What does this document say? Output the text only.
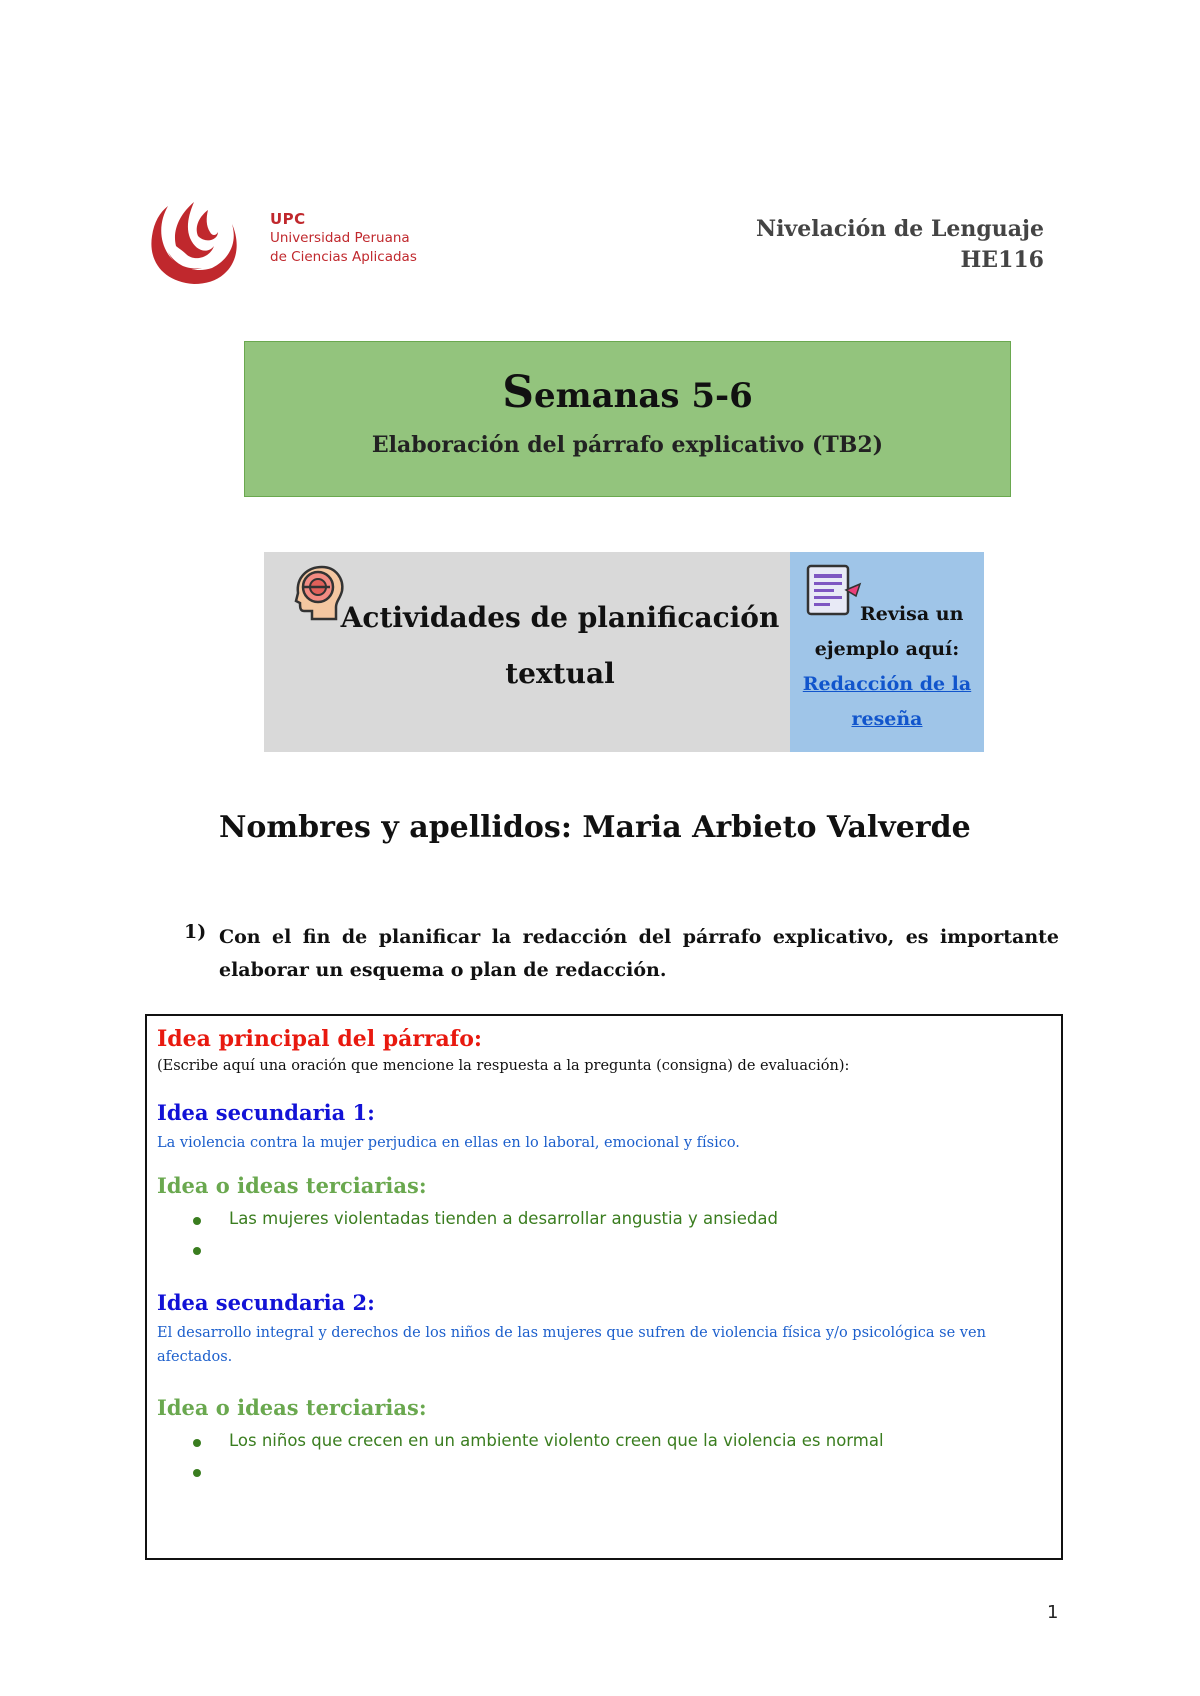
UPC
Universidad Peruana
de Ciencias Aplicadas
Nivelación de Lenguaje
HE116
Semanas 5-6
Elaboración del párrafo explicativo (TB2)
Actividades de planificación
textual
Revisa un
ejemplo aquí:
Redacción de la
reseña
Nombres y apellidos: Maria Arbieto Valverde
1) Con el fin de planificar la redacción del párrafo explicativo, es importante elaborar un esquema o plan de redacción.
Idea principal del párrafo:
(Escribe aquí una oración que mencione la respuesta a la pregunta (consigna) de evaluación):
Idea secundaria 1:
La violencia contra la mujer perjudica en ellas en lo laboral, emocional y físico.
Idea o ideas terciarias:
Las mujeres violentadas tienden a desarrollar angustia y ansiedad
Idea secundaria 2:
El desarrollo integral y derechos de los niños de las mujeres que sufren de violencia física y/o psicológica se ven afectados.
Idea o ideas terciarias:
Los niños que crecen en un ambiente violento creen que la violencia es normal
1
